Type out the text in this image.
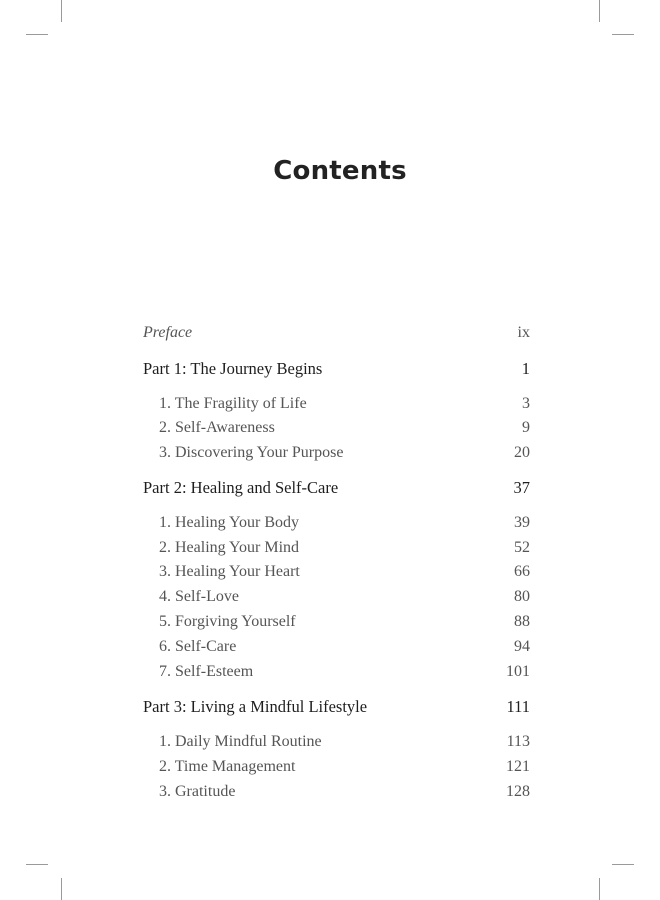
Contents
Preface	ix
Part 1: The Journey Begins	1
1. The Fragility of Life	3
2. Self-Awareness	9
3. Discovering Your Purpose	20
Part 2: Healing and Self-Care	37
1. Healing Your Body	39
2. Healing Your Mind	52
3. Healing Your Heart	66
4. Self-Love	80
5. Forgiving Yourself	88
6. Self-Care	94
7. Self-Esteem	101
Part 3: Living a Mindful Lifestyle	111
1. Daily Mindful Routine	113
2. Time Management	121
3. Gratitude	128
